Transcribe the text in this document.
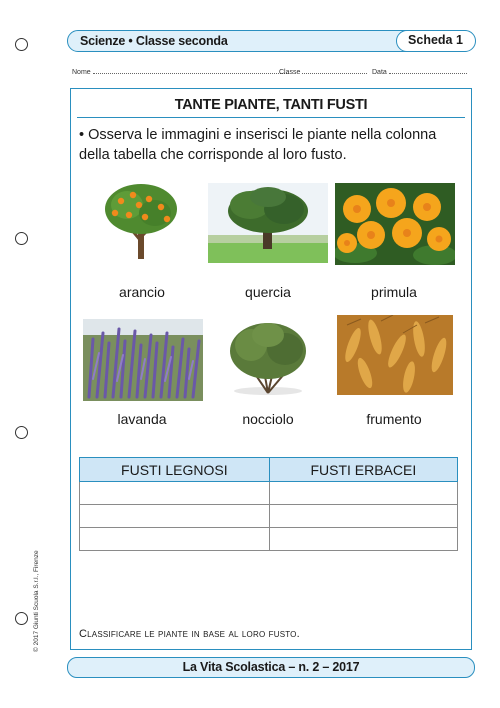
Scienze • Classe seconda	Scheda 1
Nome	Classe	Data
TANTE PIANTE, TANTI FUSTI
• Osserva le immagini e inserisci le piante nella colonna della tabella che corrisponde al loro fusto.
arancio	quercia	primula
lavanda	nocciolo	frumento
FUSTI LEGNOSI	FUSTI ERBACEI

Classificare le piante in base al loro fusto.
© 2017 Giunti Scuola S.r.l., Firenze
La Vita Scolastica – n. 2 – 2017
